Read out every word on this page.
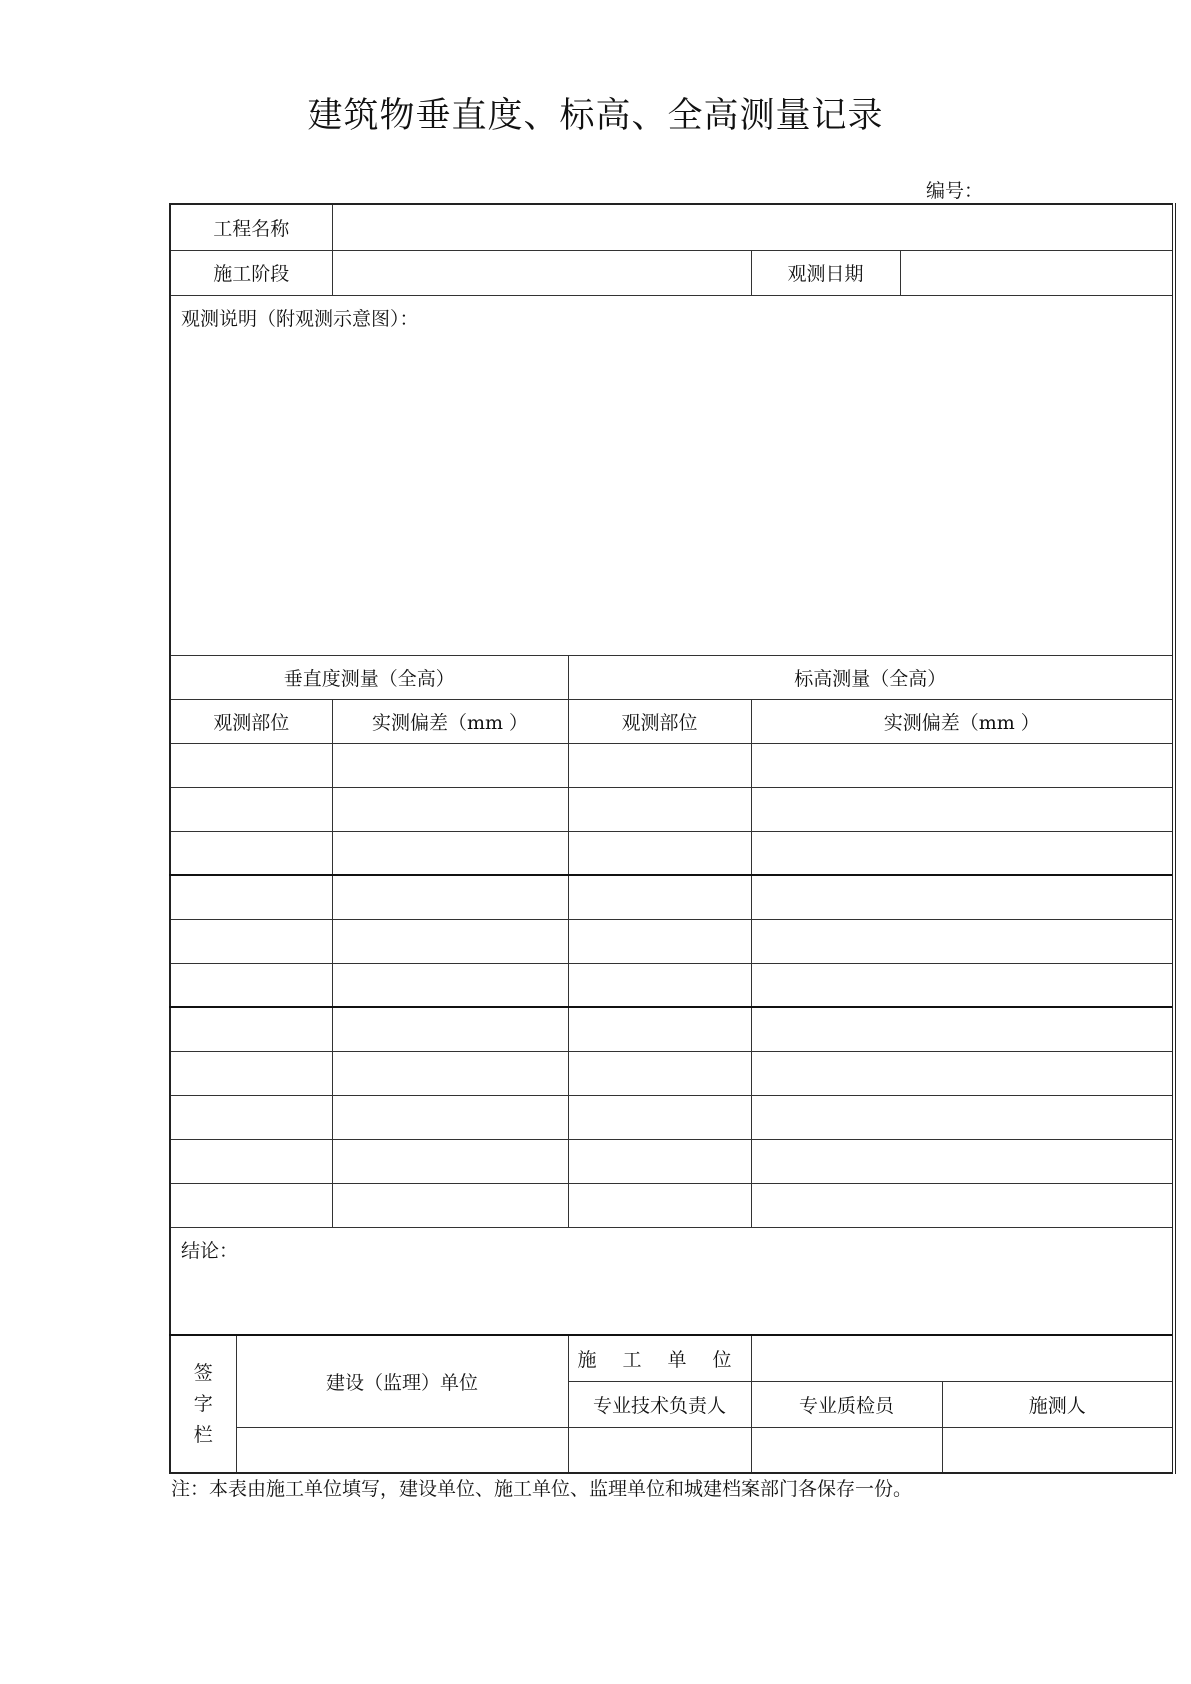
建筑物垂直度、标高、全高测量记录
编号：
工程名称						
施工阶段				观测日期		
观测说明（附观测示意图）：						
垂直度测量（全高）			标高测量（全高）			
观测部位		实测偏差（mm ）	观测部位	实测偏差（mm ）		

结论：						

签
字
栏	建设（监理）单位		施 工 单 位			
			专业技术负责人	专业质检员		施测人

注：本表由施工单位填写，建设单位、施工单位、监理单位和城建档案部门各保存一份。
